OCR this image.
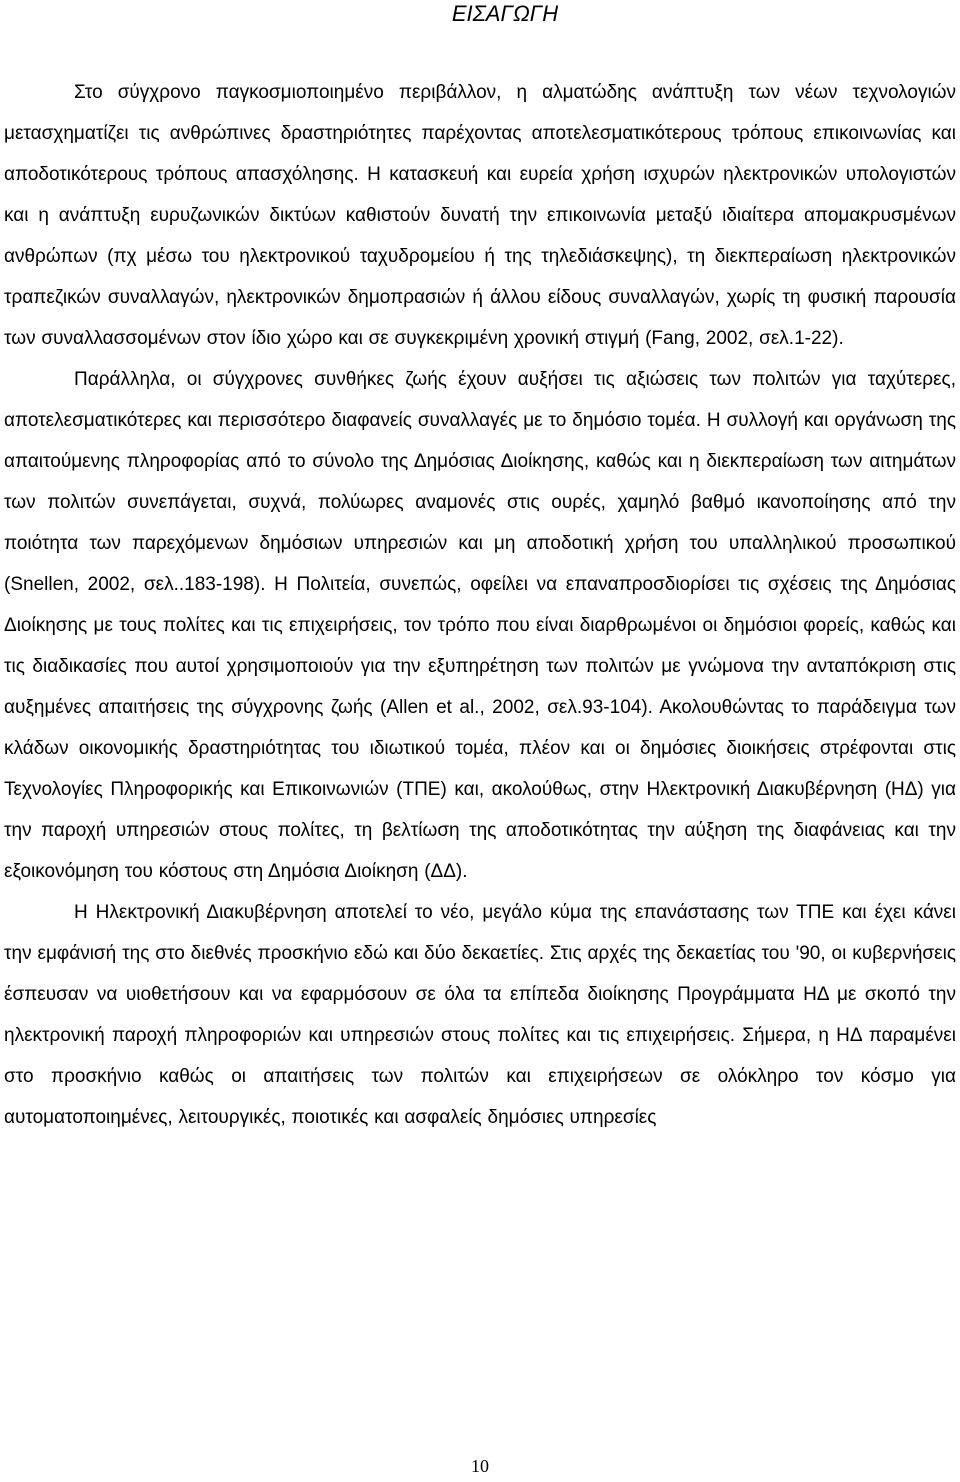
ΕΙΣΑΓΩΓΗ

Στο σύγχρονο παγκοσμιοποιημένο περιβάλλον, η αλματώδης ανάπτυξη των νέων τεχνολογιών μετασχηματίζει τις ανθρώπινες δραστηριότητες παρέχοντας αποτελεσματικότερους τρόπους επικοινωνίας και αποδοτικότερους τρόπους απασχόλησης. Η κατασκευή και ευρεία χρήση ισχυρών ηλεκτρονικών υπολογιστών και η ανάπτυξη ευρυζωνικών δικτύων καθιστούν δυνατή την επικοινωνία μεταξύ ιδιαίτερα απομακρυσμένων ανθρώπων (πχ μέσω του ηλεκτρονικού ταχυδρομείου ή της τηλεδιάσκεψης), τη διεκπεραίωση ηλεκτρονικών τραπεζικών συναλλαγών, ηλεκτρονικών δημοπρασιών ή άλλου είδους συναλλαγών, χωρίς τη φυσική παρουσία των συναλλασσομένων στον ίδιο χώρο και σε συγκεκριμένη χρονική στιγμή (Fang, 2002, σελ.1-22).

Παράλληλα, οι σύγχρονες συνθήκες ζωής έχουν αυξήσει τις αξιώσεις των πολιτών για ταχύτερες, αποτελεσματικότερες και περισσότερο διαφανείς συναλλαγές με το δημόσιο τομέα. Η συλλογή και οργάνωση της απαιτούμενης πληροφορίας από το σύνολο της Δημόσιας Διοίκησης, καθώς και η διεκπεραίωση των αιτημάτων των πολιτών συνεπάγεται, συχνά, πολύωρες αναμονές στις ουρές, χαμηλό βαθμό ικανοποίησης από την ποιότητα των παρεχόμενων δημόσιων υπηρεσιών και μη αποδοτική χρήση του υπαλληλικού προσωπικού (Snellen, 2002, σελ..183-198). Η Πολιτεία, συνεπώς, οφείλει να επαναπροσδιορίσει τις σχέσεις της Δημόσιας Διοίκησης με τους πολίτες και τις επιχειρήσεις, τον τρόπο που είναι διαρθρωμένοι οι δημόσιοι φορείς, καθώς και τις διαδικασίες που αυτοί χρησιμοποιούν για την εξυπηρέτηση των πολιτών με γνώμονα την ανταπόκριση στις αυξημένες απαιτήσεις της σύγχρονης ζωής (Allen et al., 2002, σελ.93-104). Ακολουθώντας το παράδειγμα των κλάδων οικονομικής δραστηριότητας του ιδιωτικού τομέα, πλέον και οι δημόσιες διοικήσεις στρέφονται στις Τεχνολογίες Πληροφορικής και Επικοινωνιών (ΤΠΕ) και, ακολούθως, στην Ηλεκτρονική Διακυβέρνηση (ΗΔ) για την παροχή υπηρεσιών στους πολίτες, τη βελτίωση της αποδοτικότητας την αύξηση της διαφάνειας και την εξοικονόμηση του κόστους στη Δημόσια Διοίκηση (ΔΔ).

Η Ηλεκτρονική Διακυβέρνηση αποτελεί το νέο, μεγάλο κύμα της επανάστασης των ΤΠΕ και έχει κάνει την εμφάνισή της στο διεθνές προσκήνιο εδώ και δύο δεκαετίες. Στις αρχές της δεκαετίας του '90, οι κυβερνήσεις έσπευσαν να υιοθετήσουν και να εφαρμόσουν σε όλα τα επίπεδα διοίκησης Προγράμματα ΗΔ με σκοπό την ηλεκτρονική παροχή πληροφοριών και υπηρεσιών στους πολίτες και τις επιχειρήσεις. Σήμερα, η ΗΔ παραμένει στο προσκήνιο καθώς οι απαιτήσεις των πολιτών και επιχειρήσεων σε ολόκληρο τον κόσμο για αυτοματοποιημένες, λειτουργικές, ποιοτικές και ασφαλείς δημόσιες υπηρεσίες

10
